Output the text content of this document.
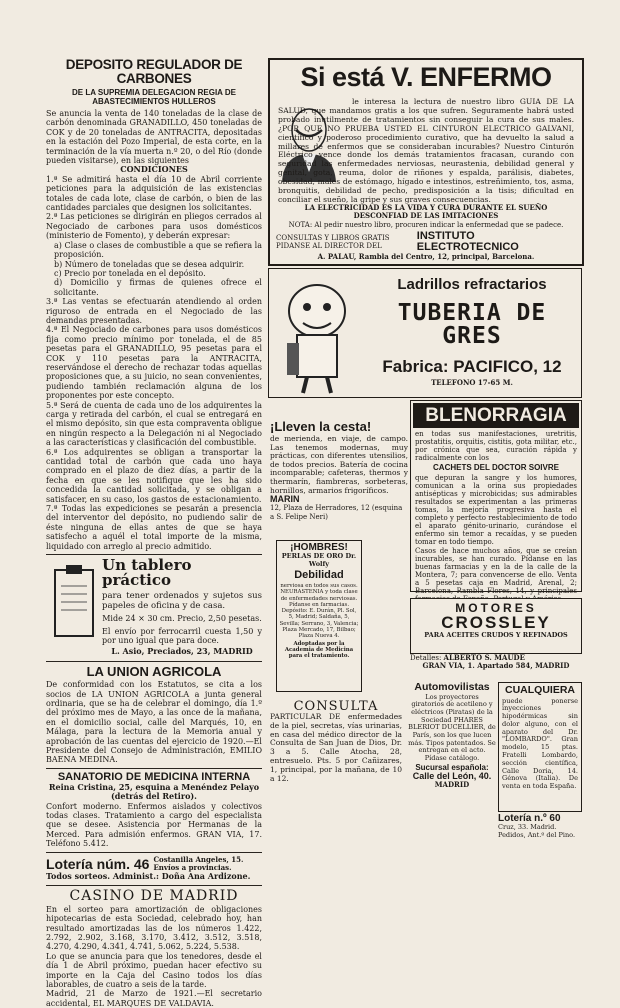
DEPOSITO REGULADOR DE CARBONES

DE LA SUPREMIA DELEGACION REGIA DE ABASTECIMIENTOS HULLEROS

Se anuncia la venta de 140 toneladas de la clase de carbón denominada GRANADILLO, 450 toneladas de COK y de 20 toneladas de ANTRACITA, depositadas en la estación del Pozo Imperial, de esta corte, en la terminación de la vía muerta n.º 20, o del Río (donde pueden visitarse), en las siguientes

CONDICIONES

1.ª Se admitirá hasta el día 10 de Abril corriente peticiones para la adquisición de las existencias totales de cada lote, clase de carbón, o bien de las cantidades parciales que designen los solicitantes.

2.ª Las peticiones se dirigirán en pliegos cerrados al Negociado de carbones para usos domésticos (ministerio de Fomento), y deberán expresar:

a) Clase o clases de combustible a que se refiera la proposición.

b) Número de toneladas que se desea adquirir.

c) Precio por tonelada en el depósito.

d) Domicilio y firmas de quienes ofrece el solicitante.

3.ª Las ventas se efectuarán atendiendo al orden riguroso de entrada en el Negociado de las demandas presentadas.

4.ª El Negociado de carbones para usos domésticos fija como precio mínimo por tonelada, el de 85 pesetas para el GRANADILLO, 95 pesetas para el COK y 110 pesetas para la ANTRACITA, reservándose el derecho de rechazar todas aquellas proposiciones que, a su juicio, no sean convenientes, pudiendo también reclamación alguna de los proponentes por este concepto.

5.ª Será de cuenta de cada uno de los adquirentes la carga y retirada del carbón, el cual se entregará en el mismo depósito, sin que esta compraventa obligue en ningún respecto a la Delegación ni al Negociado a las características y clasificación del combustible.

6.ª Los adquirentes se obligan a transportar la cantidad total de carbón que cada uno haya comprado en el plazo de diez días, a partir de la fecha en que se les notifique que les ha sido concedida la cantidad solicitada, y se obligan a satisfacer, en su caso, los gastos de estacionamiento.

7.ª Todas las expediciones se pesarán a presencia del interventor del depósito, no pudiendo salir de éste ninguna de ellas antes de que se haya satisfecho a aquél el total importe de la misma, liquidado con arreglo al precio admitido.

Un tablero práctico

para tener ordenados y sujetos sus papeles de oficina y de casa.

Mide 24 × 30 cm. Precio, 2,50 pesetas.

El envío por ferrocarril cuesta 1,50 y por uno igual que para doce.

L. Asio, Preciados, 23, MADRID

LA UNION AGRICOLA

De conformidad con los Estatutos, se cita a los socios de LA UNION AGRICOLA a junta general ordinaria, que se ha de celebrar el domingo, día 1.º del próximo mes de Mayo, a las once de la mañana, en el domicilio social, calle del Marqués, 10, en Málaga, para la lectura de la Memoria anual y aprobación de las cuentas del ejercicio de 1920.—El Presidente del Consejo de Administración, EMILIO BAENA MEDINA.

SANATORIO DE MEDICINA INTERNA

Reina Cristina, 25, esquina a Menéndez Pelayo (detrás del Retiro).

Confort moderno. Enfermos aislados y colectivos todas clases. Tratamiento a cargo del especialista que se desee. Asistencia por Hermanas de la Merced. Para admisión enfermos. GRAN VIA, 17. Teléfono 5.412.

Lotería núm. 46 Costanilla Angeles, 15. Envíos a provincias.

Todos sorteos. Administ.: Doña Ana Ardizone.

CASINO DE MADRID

En el sorteo para amortización de obligaciones hipotecarias de esta Sociedad, celebrado hoy, han resultado amortizadas las de los números 1.422, 2.792, 2.902, 3.168, 3.170, 3.412, 3.512, 3.518, 4.270, 4.290, 4.341, 4.741, 5.062, 5.224, 5.538.

Lo que se anuncia para que los tenedores, desde el día 1 de Abril próximo, puedan hacer efectivo su importe en la Caja del Casino todos los días laborables, de cuatro a seis de la tarde.

Madrid, 21 de Marzo de 1921.—El secretario accidental, EL MARQUES DE VALDAVIA.

Si está V. ENFERMO

le interesa la lectura de nuestro libro GUIA DE LA SALUD, que mandamos gratis a los que sufren. Seguramente habrá usted probado inutilmente de tratamientos sin conseguir la cura de sus males. ¿POR QUE NO PRUEBA USTED EL CINTURON ELECTRICO GALVANI, científico y poderoso procedimiento curativo, que ha devuelto la salud a millares de enfermos que se consideraban incurables? Nuestro Cinturón Eléctrico vence donde los demás tratamientos fracasan, curando con seguridad las enfermedades nerviosas, neurastenia, debilidad general y genital, gota, reuma, dolor de riñones y espalda, parálisis, diabetes, obesidad, males de estómago, hígado e intestinos, estreñimiento, tos, asma, bronquitis, debilidad de pecho, predisposición a la tisis; dificultad en conciliar el sueño, la gripe y sus graves consecuencias.

LA ELECTRICIDAD ES LA VIDA Y CURA DURANTE EL SUEÑO

DESCONFIAD DE LAS IMITACIONES

NOTA: Al pedir nuestro libro, procuren indicar la enfermedad que se padece.

CONSULTAS Y LIBROS GRATIS PIDANSE AL DIRECTOR DEL

INSTITUTO ELECTROTECNICO

A. PALAU, Rambla del Centro, 12, principal, Barcelona.

Ladrillos refractarios

TUBERIA DE GRES

Fabrica: PACIFICO, 12

TELEFONO 17-65 M.

¡Lleven la cesta!

de merienda, en viaje, de campo. Las tenemos modernas, muy prácticas, con diferentes utensilios, de todos precios. Batería de cocina incomparable; cafeteras, thermos y thermarín, fiambreras, sorbeteras, hornillos, armarios frigoríficos.

MARIN

12, Plaza de Herradores, 12 (esquina a S. Felipe Neri)

¡HOMBRES!

PERLAS DE ORO Dr. Wolfy

Debilidad

nerviosa en todos sus casos. NEURASTENIA y toda clase de enfermedades nerviosas. Pídanse en farmacias. Depósito: E. Durán, Pl. Sol, 5, Madrid; Saldaña, 5, Sevilla; Serrano, 3, Valencia; Plaza Mercado, 17, Bilbao; Plaza Nueva 4.

Adoptadas por la Academia de Medicina para el tratamiento.

CONSULTA

PARTICULAR DE enfermedades de la piel, secretas, vías urinarias, en casa del médico director de la Consulta de San Juan de Dios, Dr. 3 a 5. Calle Atocha, 28, entresuelo. Pts. 5 por Cañizares, 1, principal, por la mañana, de 10 a 12.

BLENORRAGIA

en todas sus manifestaciones, uretritis, prostatitis, orquitis, cistitis, gota militar, etc., por crónica que sea, curación rápida y radicalmente con los

CACHETS DEL DOCTOR SOIVRE

que depuran la sangre y los humores, comunican a la orina sus propiedades antisépticas y microbicidas; sus admirables resultados se experimentan a las primeras tomas, la mejoría progresiva hasta el completo y perfecto restablecimiento de todo el aparato génito-urinario, curándose el enfermo sin temor a recaídas, y se pueden tomar en todo tiempo.

Casos de hace muchos años, que se creían incurables, se han curado. Pídanse en las buenas farmacias y en la de la calle de la Montera, 7; para convencerse de ello. Venta a 5 pesetas caja en Madrid, Arenal, 2; Barcelona, Rambla Flores, 14, y principales

MOTORES

CROSSLEY

PARA ACEITES CRUDOS Y REFINADOS

Detalles: ALBERTO S. MAUDE

GRAN VIA, 1. Apartado 584, MADRID

Automovilistas

Los proyectores giratorios de acetileno y eléctricos (Piratas) de la Sociedad PHARES BLERIOT DUCELLIER, de París, son los que lucen más. Tipos patentados. Se entregan en el acto. Pídase catálogo.

Sucursal española:

Calle del León, 40.

MADRID

CUALQUIERA

puede ponerse inyecciones hipodérmicas sin dolor alguno, con el aparato del Dr. "LOMBARDO". Gran modelo, 15 ptas. Fratelli Lombardo, sección científica, Calle Doria, 14. Génova (Italia). De venta en toda España.

Lotería n.º 60

Cruz, 33. Madrid. Pedidos, Ant.º del Pino.
